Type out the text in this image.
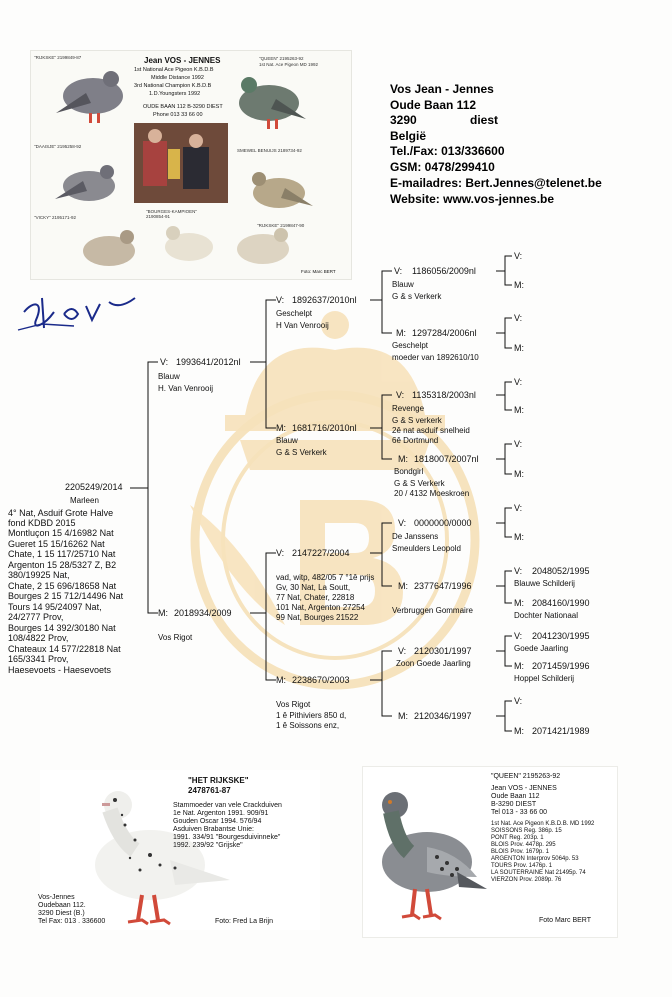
"RIJKSKE" 2199849-87	"QUEEN" 2195263-92
1st Nat. Ace Pigeon MD 1992
"DAAISJE" 2195258-92
SMEWEL BENUIJS 2189734-92
"BOURGES-KAMPIOEN"
2190854-91
"VICKY" 2195171-92
"RIJKSKE" 2199847-90
Jean VOS - JENNES
1st National Ace Pigeon K.B.D.B
Middle Distance 1992
3rd National Champion K.B.D.B
1.D.Youngsters 1992
OUDE BAAN 112 B-3290 DIEST
Phone 013 33 66 00
Foto: Marc BERT
Vos Jean - Jennes
Oude Baan 112
3290	diest
België
Tel./Fax: 013/336600
GSM: 0478/299410
E-mailadres: Bert.Jennes@telenet.be
Website: www.vos-jennes.be
2205249/2014
Marleen
4° Nat, Asduif Grote Halve
fond KDBD 2015
Montluçon 15 4/16982 Nat
Gueret 15 15/16262 Nat
Chate, 1 15 117/25710 Nat
Argenton 15 28/5327 Z, B2
380/19925 Nat,
Chate, 2 15 696/18658 Nat
Bourges 2 15 712/14496 Nat
Tours 14 95/24097 Nat,
24/2777 Prov,
Bourges 14 392/30180 Nat
108/4822 Prov,
Chateaux 14 577/22818 Nat
165/3341 Prov,
Haesevoets - Haesevoets
V: 1993641/2012nl
Blauw
H. Van Venrooij
M: 2018934/2009
Vos Rigot
V: 1892637/2010nl
Geschelpt
H Van Venrooij
M: 1681716/2010nl
Blauw
G & S Verkerk
V: 2147227/2004
vad, witp, 482/05 7 °1ê prijs
Gv, 30 Nat, La Soutt,
77 Nat, Chater, 22818
101 Nat, Argenton 27254
99 Nat, Bourges 21522
M: 2238670/2003
Vos Rigot
1 ê Pithiviers 850 d,
1 ê Soissons enz,
V: 1186056/2009nl
Blauw
G & s Verkerk
M: 1297284/2006nl
Geschelpt
moeder van 1892610/10
V: 1135318/2003nl
Revenge
G & S verkerk
2ê nat asduif snelheid
6ê Dortmund
M: 1818007/2007nl
Bondgirl
G & S Verkerk
20 / 4132 Moeskroen
V: 0000000/0000
De Janssens
Smeulders Leopold
M: 2377647/1996
Verbruggen Gommaire
V: 2120301/1997
Zoon Goede Jaarling
M: 2120346/1997
V:
M:
V:
M:
V:
M:
V:
M:
V:
M:
V: 2048052/1995
Blauwe Schilderij
M: 2084160/1990
Dochter Nationaal
V: 2041230/1995
Goede Jaarling
M: 2071459/1996
Hoppel Schilderij
V:
M: 2071421/1989
"HET RIJKSKE"
2478761-87
Stammoeder van vele Crackduiven
1e Nat. Argenton 1991. 909/91
Gouden Oscar 1994. 576/94
Asduiven Brabantse Unie:
1991. 334/91 "Bourgesduivinneke"
1992. 239/92 "Grijske"
Vos-Jennes
Oudebaan 112.
3290 Diest (B.)
Tel Fax: 013 . 336600	Foto: Fred La Brijn
"QUEEN" 2195263-92
Jean VOS - JENNES
Oude Baan 112
B-3290 DIEST
Tel 013 - 33 66 00
1st Nat. Ace Pigeon K.B.D.B. MD 1992
SOISSONS Reg. 386p. 15
PONT Reg. 203p. 1
BLOIS Prov. 4478p. 295
BLOIS Prov. 1679p. 1
ARGENTON Interprov 5064p. 53
TOURS Prov. 1476p. 1
LA SOUTERRAINE Nat 21495p. 74
VIERZON Prov. 2089p. 76
Foto Marc BERT
